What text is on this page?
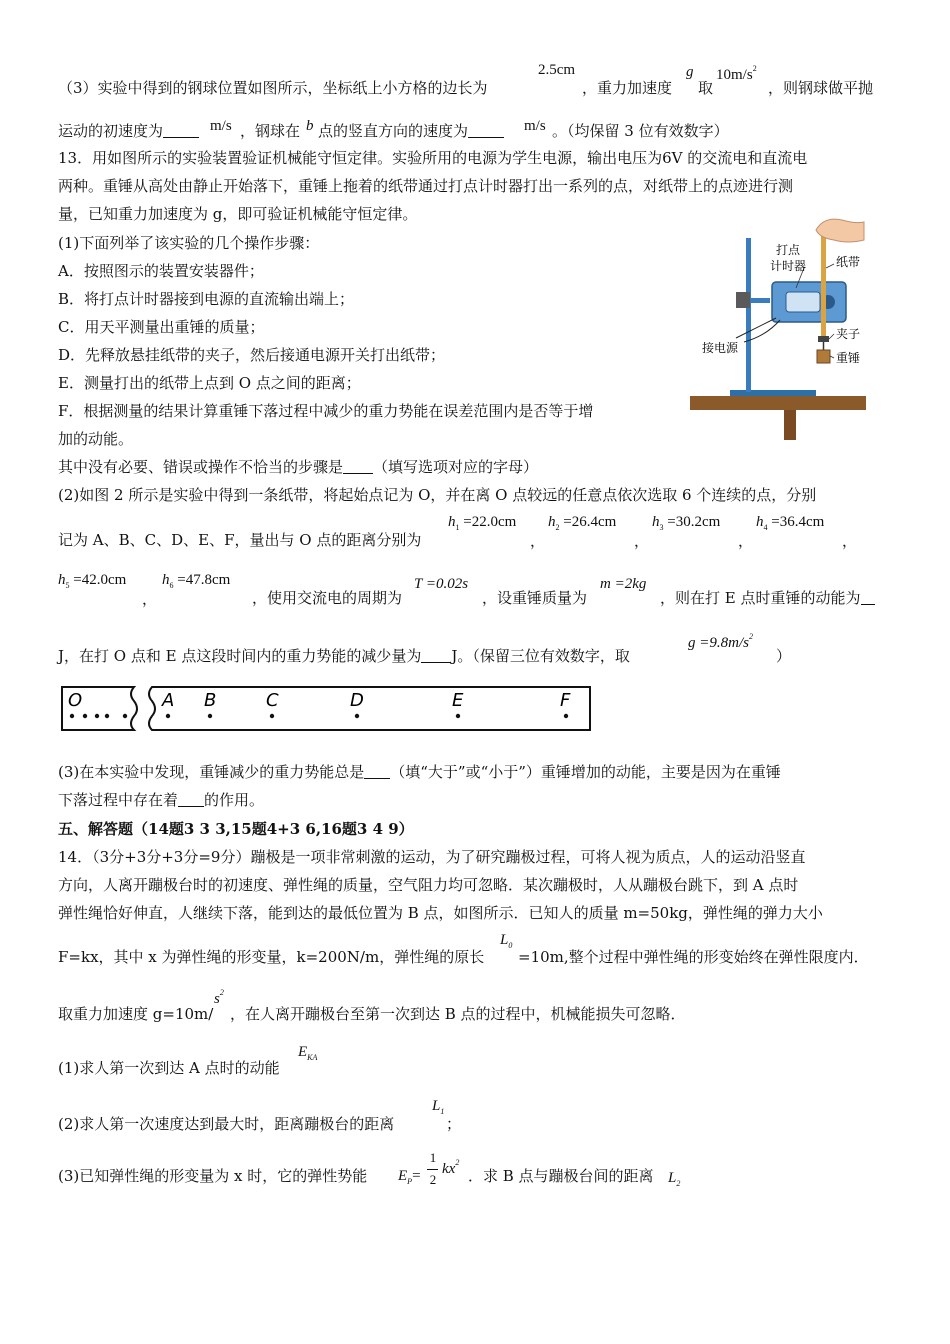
（3）实验中得到的钢球位置如图所示，坐标纸上小方格的边长为
2.5cm
，重力加速度
g
取
$10m/s^2$
，则钢球做平抛
运动的初速度为	m/s ，钢球在 b 点的竖直方向的速度为	m/s 。（均保留 3 位有效数字）
13．用如图所示的实验装置验证机械能守恒定律。实验所用的电源为学生电源，输出电压为6V 的交流电和直流电
两种。重锤从高处由静止开始落下，重锤上拖着的纸带通过打点计时器打出一系列的点，对纸带上的点迹进行测
量，已知重力加速度为 g，即可验证机械能守恒定律。
(1)下面列举了该实验的几个操作步骤：
A．按照图示的装置安装器件；
B．将打点计时器接到电源的直流输出端上；
C．用天平测量出重锤的质量；
D．先释放悬挂纸带的夹子，然后接通电源开关打出纸带；
E．测量打出的纸带上点到 O 点之间的距离；
F．根据测量的结果计算重锤下落过程中减少的重力势能在误差范围内是否等于增
加的动能。
其中没有必要、错误或操作不恰当的步骤是 （填写选项对应的字母）
打点
计时器 纸带
夹子
重锤
接电源
(2)如图 2 所示是实验中得到一条纸带，将起始点记为 O，并在离 O 点较远的任意点依次选取 6 个连续的点，分别
记为 A、B、C、D、E、F，量出与 O 点的距离分别为
$h_1 =22.0cm$
，
$h_2 =26.4cm$
，
$h_3 =30.2cm$
，
$h_4 =36.4cm$
，
$h_5 =42.0cm$
，
$h_6 =47.8cm$
，使用交流电的周期为
T =0.02s
，设重锤质量为
m =2kg
，则在打 E 点时重锤的动能为
J，在打 O 点和 E 点这段时间内的重力势能的减少量为 J。（保留三位有效数字，取
$g =9.8m/s^2$
）
O	A B	C	D	E	F
(3)在本实验中发现，重锤减少的重力势能总是 （填“大于”或“小于”）重锤增加的动能，主要是因为在重锤
下落过程中存在着 的作用。
五、解答题（14题3 3 3,15题4+3 6,16题3 4 9）
14．（3分+3分+3分=9分）蹦极是一项非常刺激的运动，为了研究蹦极过程，可将人视为质点，人的运动沿竖直
方向，人离开蹦极台时的初速度、弹性绳的质量，空气阻力均可忽略．某次蹦极时，人从蹦极台跳下，到 A 点时
弹性绳恰好伸直，人继续下落，能到达的最低位置为 B 点，如图所示．已知人的质量 m=50kg，弹性绳的弹力大小
F=kx，其中 x 为弹性绳的形变量，k=200N/m，弹性绳的原长
$L_0$
=10m,整个过程中弹性绳的形变始终在弹性限度内．
取重力加速度 g=10m/
$s^2$
，在人离开蹦极台至第一次到达 B 点的过程中，机械能损失可忽略．
(1)求人第一次到达 A 点时的动能
$E_{KA}$
(2)求人第一次速度达到最大时，距离蹦极台的距离
$L_1$
；
(3)已知弹性绳的形变量为 x 时，它的弹性势能 $E_P=$
1
2
$kx^2$
．求 B 点与蹦极台间的距离 $L_2$
